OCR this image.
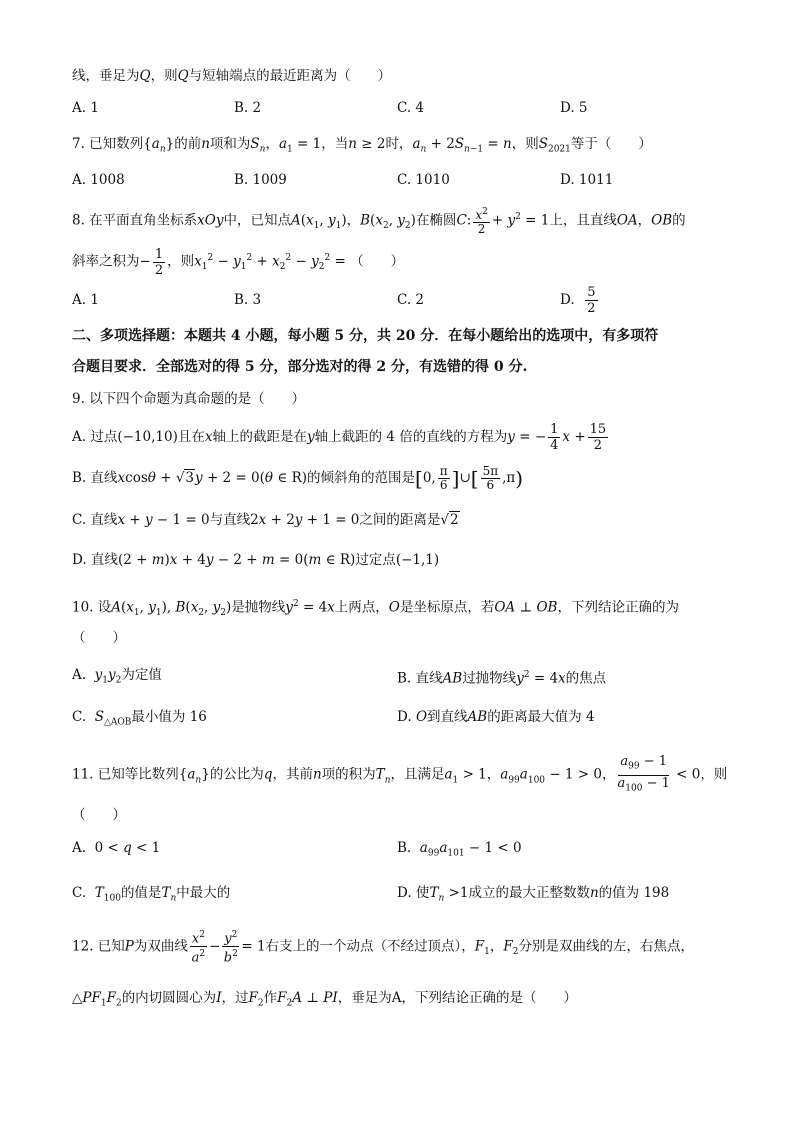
线，垂足为Q，则Q与短轴端点的最近距离为（　　）
A. 1	B. 2	C. 4	D. 5
7. 已知数列$\{a_n\}$的前n项和为$S_n$，$a_1 = 1$，当n ≥ 2时，$a_n + 2S_{n-1} = n$，则$S_{2021}$等于（　　）
A. 1008	B. 1009	C. 1010	D. 1011
8. 在平面直角坐标系xOy中，已知点$A(x_1$, $y_1$)，$B(x_2$, $y_2$)在椭圆C: $\frac{x^2}{2} + y^2 = 1$上，且直线OA，OB的
斜率之积为− $\frac{1}{2}$ ，则$x_1^2 - y_1^2 + x_2^2 - y_2^2$ = （　　）
A. 1	B. 3	C. 2	D. $\frac{5}{2}$
二、多项选择题：本题共 4 小题，每小题 5 分，共 20 分．在每小题给出的选项中，有多项符
合题目要求．全部选对的得 5 分，部分选对的得 2 分，有选错的得 0 分.
9. 以下四个命题为真命题的是（　　）
A. 过点(−10,10)且在x轴上的截距是在y轴上截距的 4 倍的直线的方程为y = − $\frac{1}{4}$ $x + \frac{15}{2}$
B. 直线xcosθ + √3y + 2 = 0(θ ∈ R)的倾斜角的范围是[0, $\frac{\pi}{6}$ ]∪[ $\frac{5\pi}{6} ,\pi$)
C. 直线x + y − 1 = 0与直线2x + 2y + 1 = 0之间的距离是√2
D. 直线(2 + m)x + 4y − 2 + m = 0(m ∈ R)过定点(−1,1)
10. 设$A(x_1$, $y_1$), $B(x_2$, $y_2$)是抛物线$y^2 = 4x$上两点，O是坐标原点，若OA ⊥ OB，下列结论正确的为
（　　）
A.  $y_1y_2$为定值	B. 直线AB过抛物线$y^2 = 4x$的焦点
C.  $S_{\triangle AOB}$最小值为 16	D. O到直线AB的距离最大值为 4
11. 已知等比数列$\{a_n\}$的公比为q，其前n项的积为$T_n$，且满足$a_1 > 1$，$a_{99}a_{100} - 1 > 0$， $\frac{a_{99} - 1}{a_{100} - 1} < 0$，则
（　　）
A.  0 < q < 1	B.  $a_{99}a_{101} - 1 < 0$
C.  $T_{100}$的值是$T_n$中最大的	D. 使$T_n >1$成立的最大正整数数n的值为 198
12. 已知P为双曲线 $\frac{x^2}{a^2} - \frac{y^2}{b^2} = 1$右支上的一个动点（不经过顶点），$F_1$，$F_2$分别是双曲线的左，右焦点，
$\triangle PF_1F_2$的内切圆圆心为I，过$F_2$作$F_2A$ ⊥ PI，垂足为A，下列结论正确的是（　　）
